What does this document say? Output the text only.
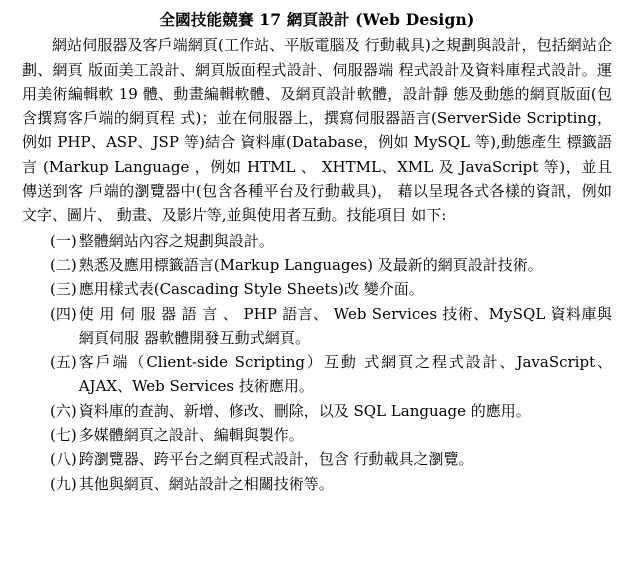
全國技能競賽 17 網頁設計 (Web Design)

網站伺服器及客戶端網頁(工作站、平版電腦及 行動載具)之規劃與設計，包括網站企劃、網頁 版面美工設計、網頁版面程式設計、伺服器端 程式設計及資料庫程式設計。運用美術編輯軟 19 體、動畫編輯軟體、及網頁設計軟體，設計靜 態及動態的網頁版面(包含撰寫客戶端的網頁程 式)；並在伺服器上，撰寫伺服器語言(ServerSide Scripting，例如 PHP、ASP、JSP 等)結合 資料庫(Database，例如 MySQL 等),動態產生 標籤語言 (Markup Language ，例如 HTML 、 XHTML、XML 及 JavaScript 等)，並且傳送到客 戶端的瀏覽器中(包含各種平台及行動載具)， 藉以呈現各式各樣的資訊，例如文字、圖片、 動畫、及影片等,並與使用者互動。技能項目 如下:

(一) 整體網站內容之規劃與設計。
(二) 熟悉及應用標籤語言(Markup Languages) 及最新的網頁設計技術。
(三) 應用樣式表(Cascading Style Sheets)改 變介面。
(四) 使 用 伺 服 器 語 言 、 PHP 語言、 Web Services 技術、MySQL 資料庫與網頁伺服 器軟體開發互動式網頁。
(五) 客戶端（Client-side Scripting）互動 式網頁之程式設計、JavaScript、AJAX、Web Services 技術應用。
(六) 資料庫的查詢、新增、修改、刪除，以及 SQL Language 的應用。
(七) 多媒體網頁之設計、編輯與製作。
(八) 跨瀏覽器、跨平台之網頁程式設計，包含 行動載具之瀏覽。
(九) 其他與網頁、網站設計之相關技術等。
